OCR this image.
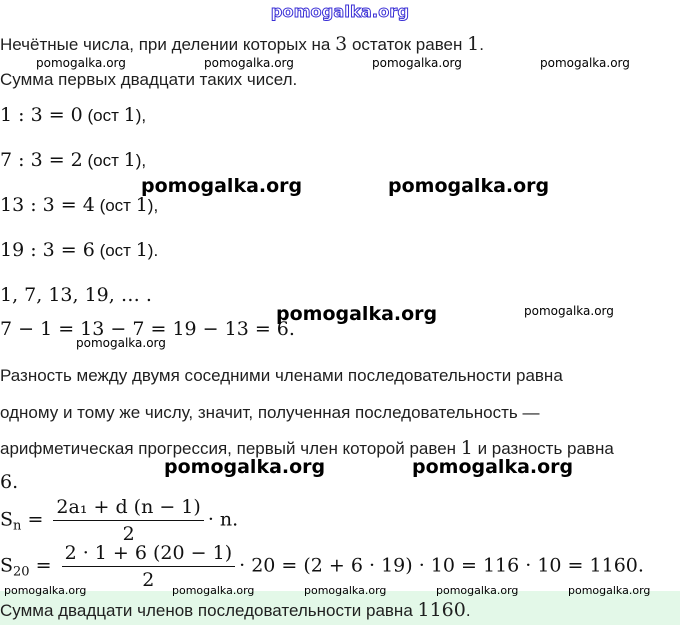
pomogalka.org
Нечётные числа, при делении которых на 3 остаток равен 1.
Сумма первых двадцати таких чисел.
1 : 3 = 0 (ост 1),
7 : 3 = 2 (ост 1),
13 : 3 = 4 (ост 1),
19 : 3 = 6 (ост 1).
1, 7, 13, 19, … .
7 − 1 = 13 − 7 = 19 − 13 = 6.
Разность между двумя соседними членами последовательности равна
одному и тому же числу, значит, полученная последовательность —
арифметическая прогрессия, первый член которой равен 1 и разность равна
6.
$S_n = \frac{\text{2a₁ + d (n − 1)}}{2} \cdot n$.
$S_{20} = \frac{2 \cdot 1 + 6 (20 - 1)}{2} \cdot 20 = (2 + 6 \cdot 19) \cdot 10 = 116 \cdot 10 = 1160$.
Сумма двадцати членов последовательности равна 1160.
pomogalka.org	pomogalka.org	pomogalka.org	pomogalka.org
pomogalka.org	pomogalka.org
pomogalka.org	pomogalka.org
pomogalka.org
pomogalka.org	pomogalka.org
pomogalka.org	pomogalka.org	pomogalka.org	pomogalka.org	pomogalka.org
